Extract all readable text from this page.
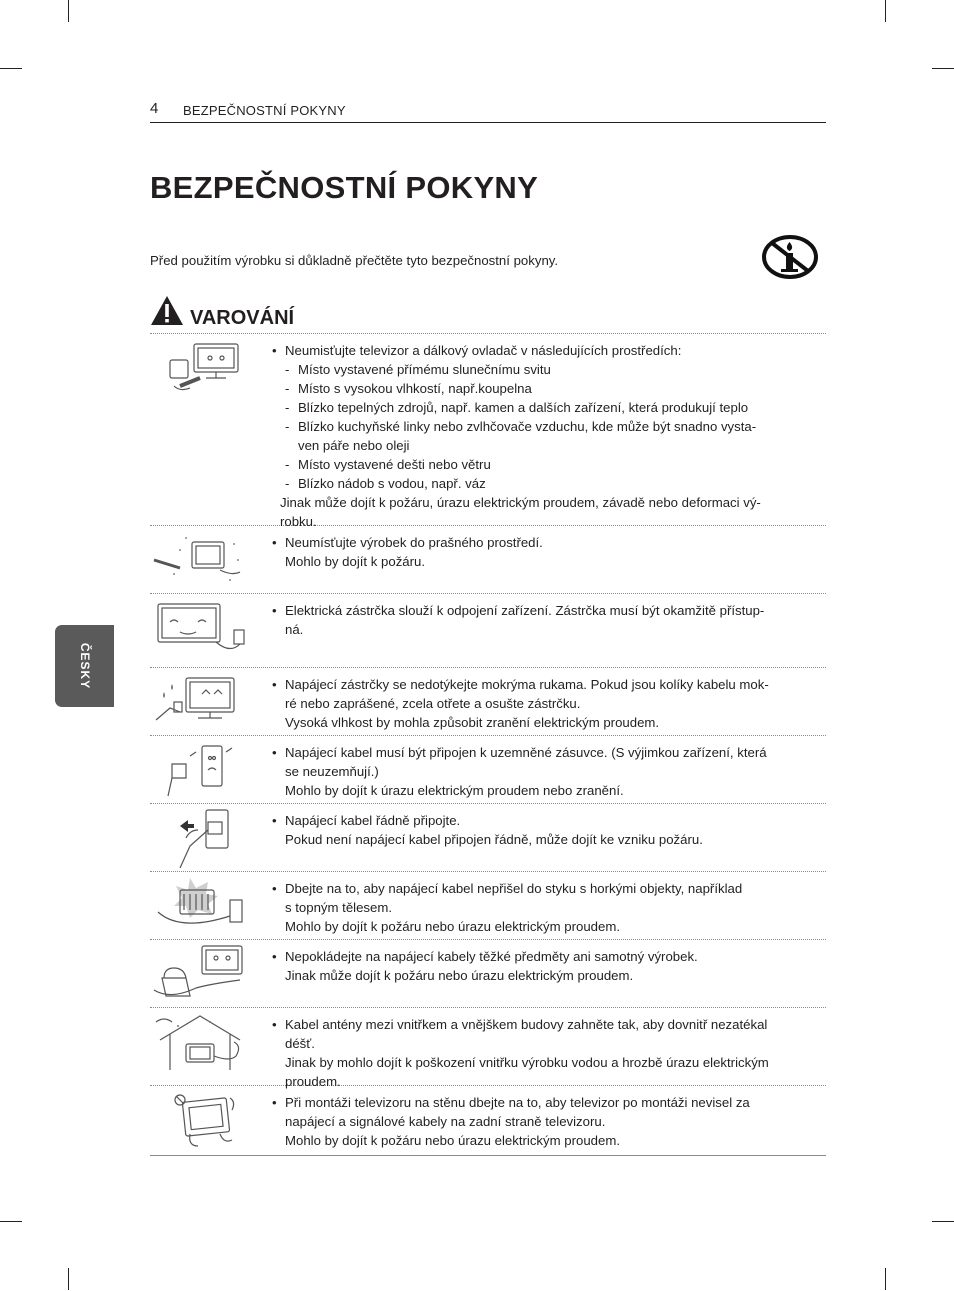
4 BEZPEČNOSTNÍ POKYNY
BEZPEČNOSTNÍ POKYNY
Před použitím výrobku si důkladně přečtěte tyto bezpečnostní pokyny.
VAROVÁNÍ
ČESKY
• Neumisťujte televizor a dálkový ovladač v následujících prostředích:
- Místo vystavené přímému slunečnímu svitu
- Místo s vysokou vlhkostí, např.koupelna
- Blízko tepelných zdrojů, např. kamen a dalších zařízení, která produkují teplo
- Blízko kuchyňské linky nebo zvlhčovače vzduchu, kde může být snadno vysta-
ven páře nebo oleji
- Místo vystavené dešti nebo větru
- Blízko nádob s vodou, např. váz
Jinak může dojít k požáru, úrazu elektrickým proudem, závadě nebo deformaci vý-
robku.
• Neumísťujte výrobek do prašného prostředí.
Mohlo by dojít k požáru.
• Elektrická zástrčka slouží k odpojení zařízení. Zástrčka musí být okamžitě přístup-
ná.
• Napájecí zástrčky se nedotýkejte mokrýma rukama. Pokud jsou kolíky kabelu mok-
ré nebo zaprášené, zcela otřete a osušte zástrčku.
Vysoká vlhkost by mohla způsobit zranění elektrickým proudem.
• Napájecí kabel musí být připojen k uzemněné zásuvce. (S výjimkou zařízení, která
se neuzemňují.)
Mohlo by dojít k úrazu elektrickým proudem nebo zranění.
• Napájecí kabel řádně připojte.
Pokud není napájecí kabel připojen řádně, může dojít ke vzniku požáru.
• Dbejte na to, aby napájecí kabel nepřišel do styku s horkými objekty, například
s topným tělesem.
Mohlo by dojít k požáru nebo úrazu elektrickým proudem.
• Nepokládejte na napájecí kabely těžké předměty ani samotný výrobek.
Jinak může dojít k požáru nebo úrazu elektrickým proudem.
• Kabel antény mezi vnitřkem a vnějškem budovy zahněte tak, aby dovnitř nezatékal
déšť.
Jinak by mohlo dojít k poškození vnitřku výrobku vodou a hrozbě úrazu elektrickým
proudem.
• Při montáži televizoru na stěnu dbejte na to, aby televizor po montáži nevisel za
napájecí a signálové kabely na zadní straně televizoru.
Mohlo by dojít k požáru nebo úrazu elektrickým proudem.
